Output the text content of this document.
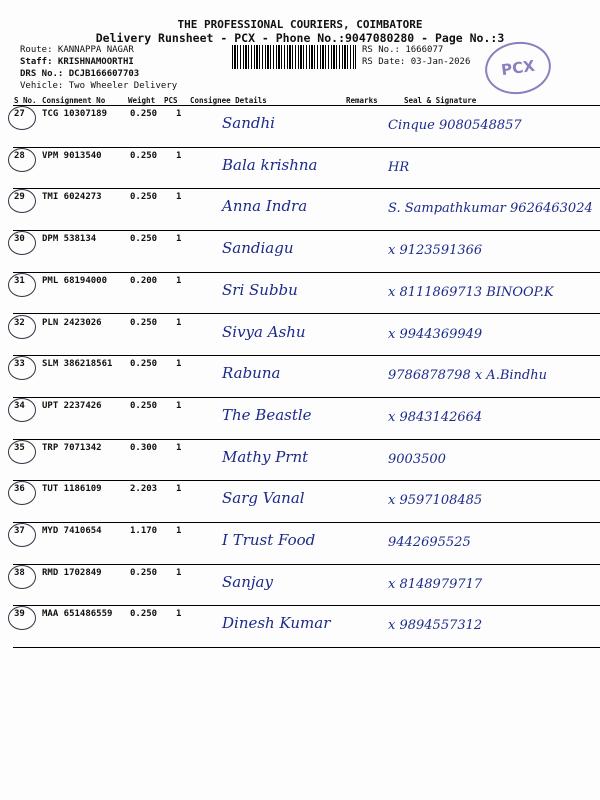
THE PROFESSIONAL COURIERS, COIMBATORE
Delivery Runsheet - PCX - Phone No.:9047080280 - Page No.:3
Route: KANNAPPA NAGAR
Staff: KRISHNAMOORTHI
DRS No.: DCJB166607703
Vehicle: Two Wheeler Delivery
RS No.: 1666077
RS Date: 03-Jan-2026	PCX
S No. Consignment No	Weight PCS Consignee Details	Remarks	Seal & Signature
27 TCG 10307189	0.250 1	Sandhi	Cinque 9080548857
28 VPM 9013540	0.250 1	Bala krishna	HR
29 TMI 6024273	0.250 1	Anna Indra	S. Sampathkumar 9626463024
30 DPM 538134	0.250 1	Sandiagu	x 9123591366
31 PML 68194000	0.200 1	Sri Subbu	x 8111869713 BINOOP.K
32 PLN 2423026	0.250 1	Sivya Ashu	x 9944369949
33 SLM 386218561 0.250 1	Rabuna	9786878798 x A.Bindhu
34 UPT 2237426	0.250 1	The Beastle	x 9843142664
35 TRP 7071342	0.300 1	Mathy Prnt	9003500
36 TUT 1186109	2.203 1	Sarg Vanal	x 9597108485
37 MYD 7410654	1.170 1	I Trust Food	9442695525
38 RMD 1702849	0.250 1	Sanjay	x 8148979717
39 MAA 651486559 0.250 1	Dinesh Kumar	x 9894557312
